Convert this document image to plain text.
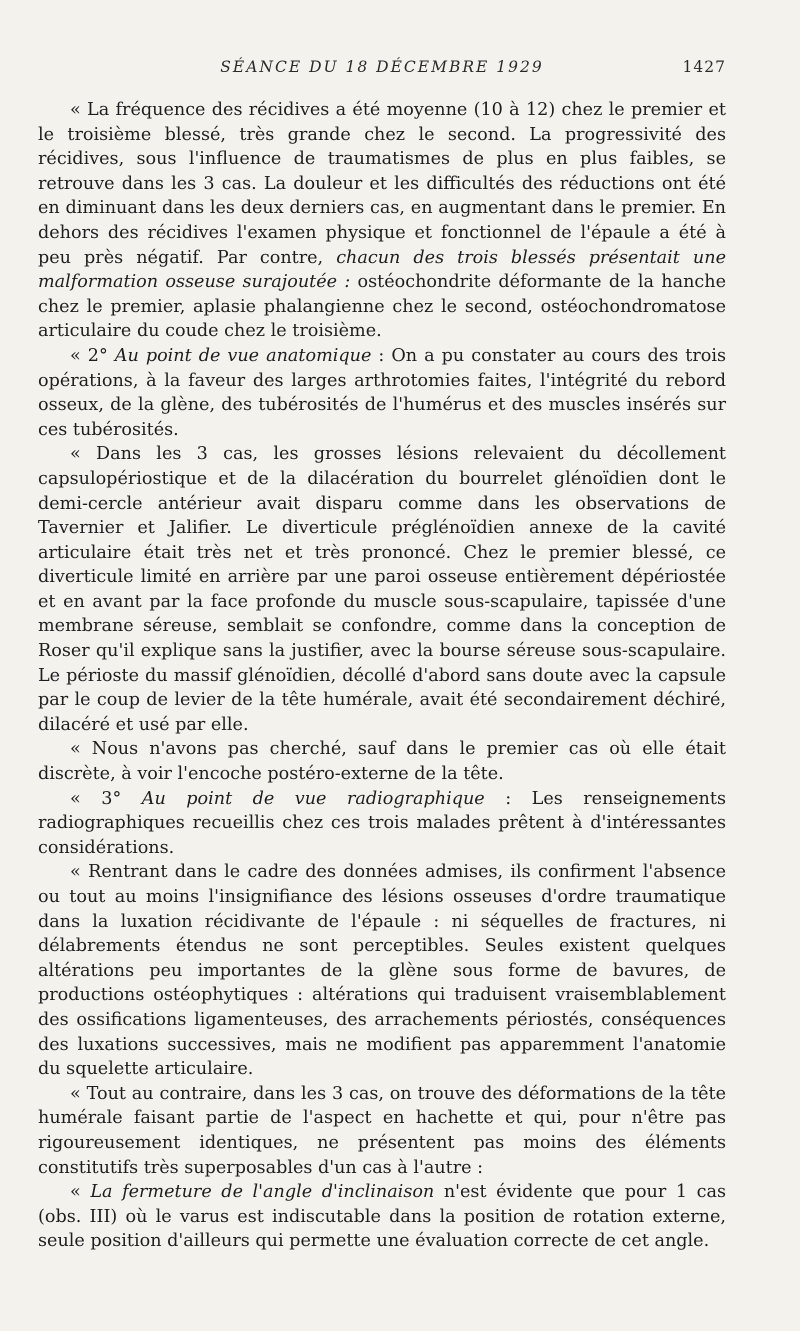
SÉANCE DU 18 DÉCEMBRE 1929	1427

« La fréquence des récidives a été moyenne (10 à 12) chez le premier et le troisième blessé, très grande chez le second. La progressivité des récidives, sous l'influence de traumatismes de plus en plus faibles, se retrouve dans les 3 cas. La douleur et les difficultés des réductions ont été en diminuant dans les deux derniers cas, en augmentant dans le premier. En dehors des récidives l'examen physique et fonctionnel de l'épaule a été à peu près négatif. Par contre, chacun des trois blessés présentait une malformation osseuse surajoutée : ostéochondrite déformante de la hanche chez le premier, aplasie phalangienne chez le second, ostéochondromatose articulaire du coude chez le troisième.

« 2° Au point de vue anatomique : On a pu constater au cours des trois opérations, à la faveur des larges arthrotomies faites, l'intégrité du rebord osseux, de la glène, des tubérosités de l'humérus et des muscles insérés sur ces tubérosités.

« Dans les 3 cas, les grosses lésions relevaient du décollement capsulopériostique et de la dilacération du bourrelet glénoïdien dont le demi-cercle antérieur avait disparu comme dans les observations de Tavernier et Jalifier. Le diverticule préglénoïdien annexe de la cavité articulaire était très net et très prononcé. Chez le premier blessé, ce diverticule limité en arrière par une paroi osseuse entièrement dépériostée et en avant par la face profonde du muscle sous-scapulaire, tapissée d'une membrane séreuse, semblait se confondre, comme dans la conception de Roser qu'il explique sans la justifier, avec la bourse séreuse sous-scapulaire. Le périoste du massif glénoïdien, décollé d'abord sans doute avec la capsule par le coup de levier de la tête humérale, avait été secondairement déchiré, dilacéré et usé par elle.

« Nous n'avons pas cherché, sauf dans le premier cas où elle était discrète, à voir l'encoche postéro-externe de la tête.

« 3° Au point de vue radiographique : Les renseignements radiographiques recueillis chez ces trois malades prêtent à d'intéressantes considérations.

« Rentrant dans le cadre des données admises, ils confirment l'absence ou tout au moins l'insignifiance des lésions osseuses d'ordre traumatique dans la luxation récidivante de l'épaule : ni séquelles de fractures, ni délabrements étendus ne sont perceptibles. Seules existent quelques altérations peu importantes de la glène sous forme de bavures, de productions ostéophytiques : altérations qui traduisent vraisemblablement des ossifications ligamenteuses, des arrachements périostés, conséquences des luxations successives, mais ne modifient pas apparemment l'anatomie du squelette articulaire.

« Tout au contraire, dans les 3 cas, on trouve des déformations de la tête humérale faisant partie de l'aspect en hachette et qui, pour n'être pas rigoureusement identiques, ne présentent pas moins des éléments constitutifs très superposables d'un cas à l'autre :

« La fermeture de l'angle d'inclinaison n'est évidente que pour 1 cas (obs. III) où le varus est indiscutable dans la position de rotation externe, seule position d'ailleurs qui permette une évaluation correcte de cet angle.
